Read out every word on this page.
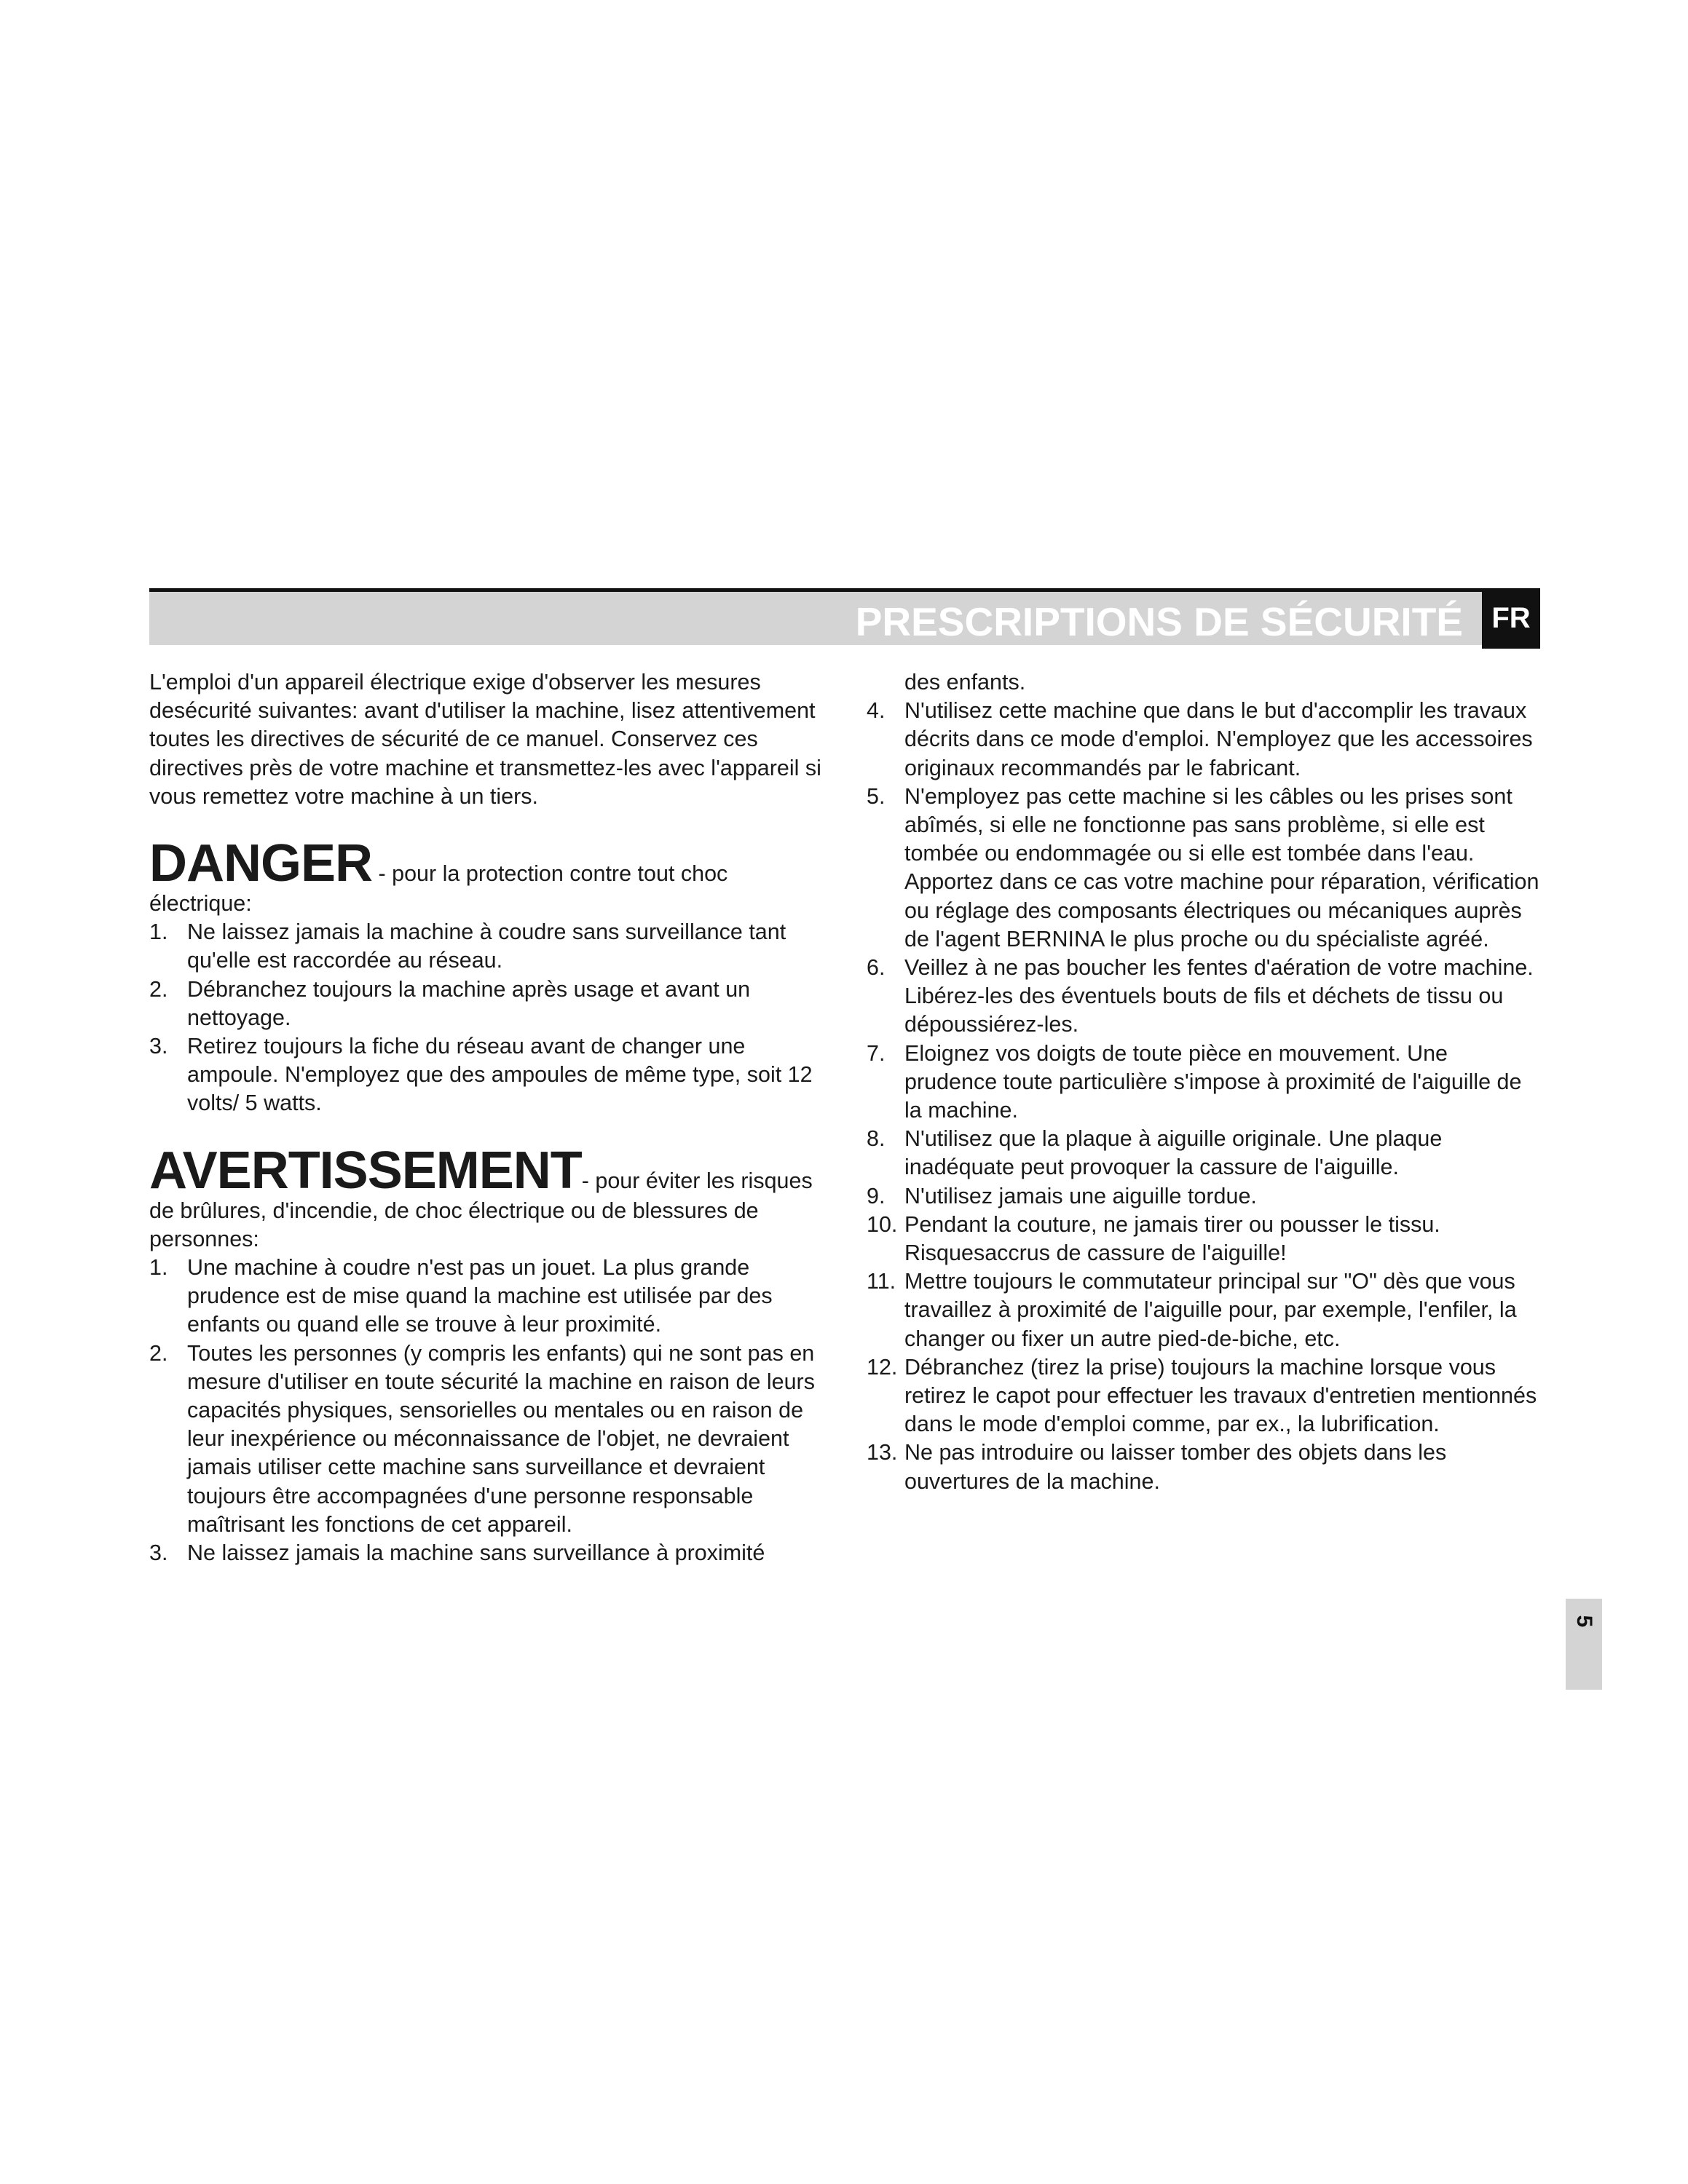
PRESCRIPTIONS DE SÉCURITÉ FR

L'emploi d'un appareil électrique exige d'observer les mesures desécurité suivantes: avant d'utiliser la machine, lisez attentivement toutes les directives de sécurité de ce manuel. Conservez ces directives près de votre machine et transmettez-les avec l'appareil si vous remettez votre machine à un tiers.

DANGER - pour la protection contre tout choc électrique:

1. Ne laissez jamais la machine à coudre sans surveillance tant qu'elle est raccordée au réseau.
2. Débranchez toujours la machine après usage et avant un nettoyage.
3. Retirez toujours la fiche du réseau avant de changer une ampoule. N'employez que des ampoules de même type, soit 12 volts/ 5 watts.

AVERTISSEMENT- pour éviter les risques de brûlures, d'incendie, de choc électrique ou de blessures de personnes:

1. Une machine à coudre n'est pas un jouet. La plus grande prudence est de mise quand la machine est utilisée par des enfants ou quand elle se trouve à leur proximité.
2. Toutes les personnes (y compris les enfants) qui ne sont pas en mesure d'utiliser en toute sécurité la machine en raison de leurs capacités physiques, sensorielles ou mentales ou en raison de leur inexpérience ou méconnaissance de l'objet, ne devraient jamais utiliser cette machine sans surveillance et devraient toujours être accompagnées d'une personne responsable maîtrisant les fonctions de cet appareil.
3. Ne laissez jamais la machine sans surveillance à proximité

des enfants.

4. N'utilisez cette machine que dans le but d'accomplir les travaux décrits dans ce mode d'emploi. N'employez que les accessoires originaux recommandés par le fabricant.
5. N'employez pas cette machine si les câbles ou les prises sont abîmés, si elle ne fonctionne pas sans problème, si elle est tombée ou endommagée ou si elle est tombée dans l'eau. Apportez dans ce cas votre machine pour réparation, vérification ou réglage des composants électriques ou mécaniques auprès de l'agent BERNINA le plus proche ou du spécialiste agréé.
6. Veillez à ne pas boucher les fentes d'aération de votre machine. Libérez-les des éventuels bouts de fils et déchets de tissu ou dépoussiérez-les.
7. Eloignez vos doigts de toute pièce en mouvement. Une prudence toute particulière s'impose à proximité de l'aiguille de la machine.
8. N'utilisez que la plaque à aiguille originale. Une plaque inadéquate peut provoquer la cassure de l'aiguille.
9. N'utilisez jamais une aiguille tordue.
10. Pendant la couture, ne jamais tirer ou pousser le tissu. Risquesaccrus de cassure de l'aiguille!
11. Mettre toujours le commutateur principal sur "O" dès que vous travaillez à proximité de l'aiguille pour, par exemple, l'enfiler, la changer ou fixer un autre pied-de-biche, etc.
12. Débranchez (tirez la prise) toujours la machine lorsque vous retirez le capot pour effectuer les travaux d'entretien mentionnés dans le mode d'emploi comme, par ex., la lubrification.
13. Ne pas introduire ou laisser tomber des objets dans les ouvertures de la machine.
5
